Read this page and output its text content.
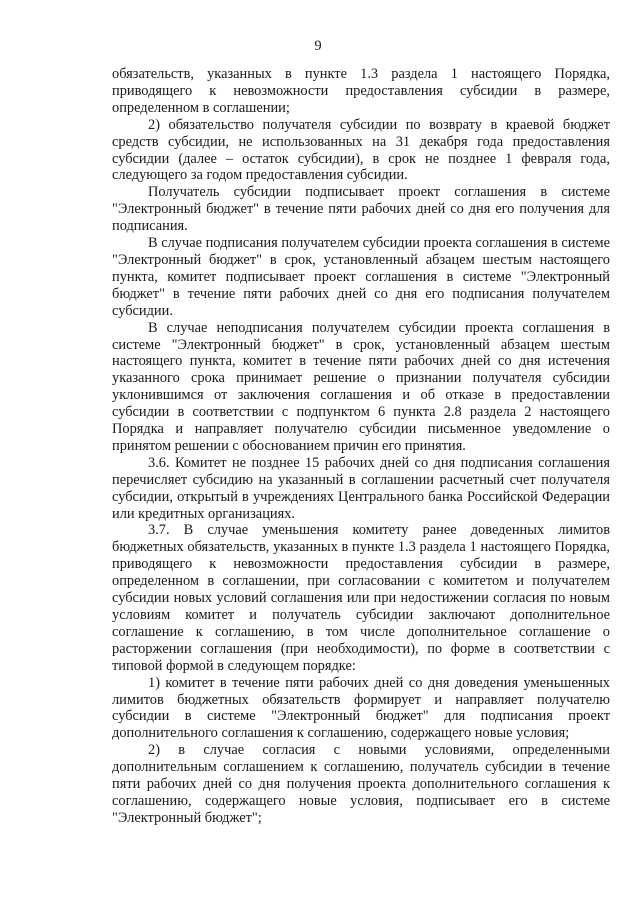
9

обязательств, указанных в пункте 1.3 раздела 1 настоящего Порядка, приводящего к невозможности предоставления субсидии в размере, определенном в соглашении;

2) обязательство получателя субсидии по возврату в краевой бюджет средств субсидии, не использованных на 31 декабря года предоставления субсидии (далее – остаток субсидии), в срок не позднее 1 февраля года, следующего за годом предоставления субсидии.

Получатель субсидии подписывает проект соглашения в системе "Электронный бюджет" в течение пяти рабочих дней со дня его получения для подписания.

В случае подписания получателем субсидии проекта соглашения в системе "Электронный бюджет" в срок, установленный абзацем шестым настоящего пункта, комитет подписывает проект соглашения в системе "Электронный бюджет" в течение пяти рабочих дней со дня его подписания получателем субсидии.

В случае неподписания получателем субсидии проекта соглашения в системе "Электронный бюджет" в срок, установленный абзацем шестым настоящего пункта, комитет в течение пяти рабочих дней со дня истечения указанного срока принимает решение о признании получателя субсидии уклонившимся от заключения соглашения и об отказе в предоставлении субсидии в соответствии с подпунктом 6 пункта 2.8 раздела 2 настоящего Порядка и направляет получателю субсидии письменное уведомление о принятом решении с обоснованием причин его принятия.

3.6. Комитет не позднее 15 рабочих дней со дня подписания соглашения перечисляет субсидию на указанный в соглашении расчетный счет получателя субсидии, открытый в учреждениях Центрального банка Российской Федерации или кредитных организациях.

3.7. В случае уменьшения комитету ранее доведенных лимитов бюджетных обязательств, указанных в пункте 1.3 раздела 1 настоящего Порядка, приводящего к невозможности предоставления субсидии в размере, определенном в соглашении, при согласовании с комитетом и получателем субсидии новых условий соглашения или при недостижении согласия по новым условиям комитет и получатель субсидии заключают дополнительное соглашение к соглашению, в том числе дополнительное соглашение о расторжении соглашения (при необходимости), по форме в соответствии с типовой формой в следующем порядке:

1) комитет в течение пяти рабочих дней со дня доведения уменьшенных лимитов бюджетных обязательств формирует и направляет получателю субсидии в системе "Электронный бюджет" для подписания проект дополнительного соглашения к соглашению, содержащего новые условия;

2) в случае согласия с новыми условиями, определенными дополнительным соглашением к соглашению, получатель субсидии в течение пяти рабочих дней со дня получения проекта дополнительного соглашения к соглашению, содержащего новые условия, подписывает его в системе "Электронный бюджет";
